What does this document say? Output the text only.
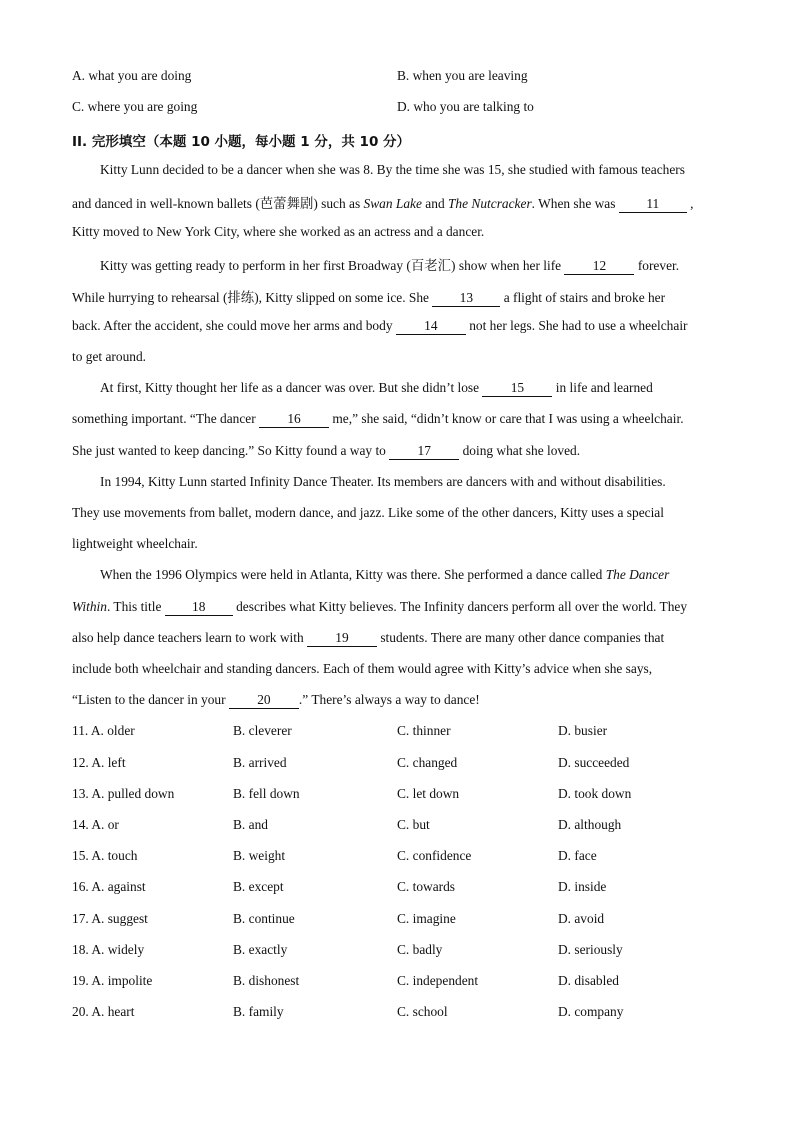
A. what you are doing	B. when you are leaving
C. where you are going	D. who you are talking to
II. 完形填空（本题 10 小题，每小题 1 分，共 10 分）
Kitty Lunn decided to be a dancer when she was 8. By the time she was 15, she studied with famous teachers
and danced in well-known ballets (芭蕾舞剧) such as Swan Lake and The Nutcracker. When she was 11 ,
Kitty moved to New York City, where she worked as an actress and a dancer.
Kitty was getting ready to perform in her first Broadway (百老汇) show when her life 12 forever.
While hurrying to rehearsal (排练), Kitty slipped on some ice. She 13 a flight of stairs and broke her
back. After the accident, she could move her arms and body 14 not her legs. She had to use a wheelchair
to get around.
At first, Kitty thought her life as a dancer was over. But she didn’t lose 15 in life and learned
something important. “The dancer 16 me,” she said, “didn’t know or care that I was using a wheelchair.
She just wanted to keep dancing.” So Kitty found a way to 17 doing what she loved.
In 1994, Kitty Lunn started Infinity Dance Theater. Its members are dancers with and without disabilities.
They use movements from ballet, modern dance, and jazz. Like some of the other dancers, Kitty uses a special
lightweight wheelchair.
When the 1996 Olympics were held in Atlanta, Kitty was there. She performed a dance called The Dancer
Within. This title 18 describes what Kitty believes. The Infinity dancers perform all over the world. They
also help dance teachers learn to work with 19 students. There are many other dance companies that
include both wheelchair and standing dancers. Each of them would agree with Kitty’s advice when she says,
“Listen to the dancer in your 20 .” There’s always a way to dance!
11. A. older	B. cleverer	C. thinner	D. busier
12. A. left	B. arrived	C. changed	D. succeeded
13. A. pulled down	B. fell down	C. let down	D. took down
14. A. or	B. and	C. but	D. although
15. A. touch	B. weight	C. confidence	D. face
16. A. against	B. except	C. towards	D. inside
17. A. suggest	B. continue	C. imagine	D. avoid
18. A. widely	B. exactly	C. badly	D. seriously
19. A. impolite	B. dishonest	C. independent	D. disabled
20. A. heart	B. family	C. school	D. company
